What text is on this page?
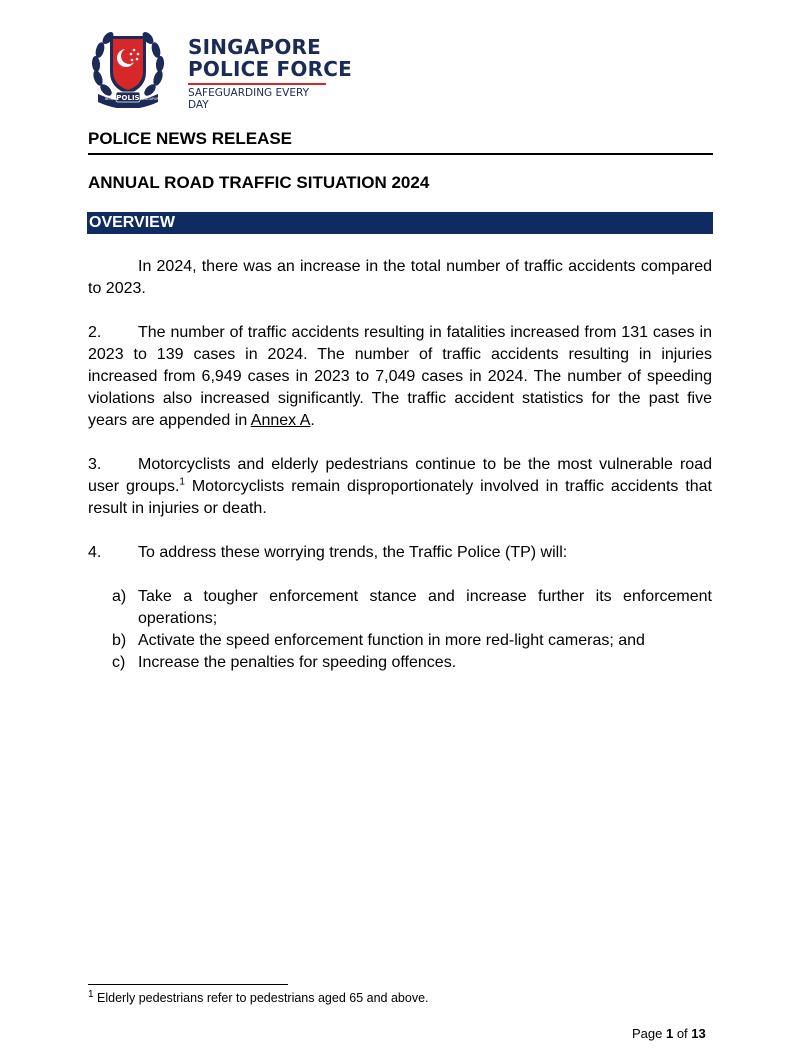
POLIS
NEGARA	SINGAPURA
SINGAPORE
POLICE FORCE
SAFEGUARDING EVERY DAY
POLICE NEWS RELEASE
ANNUAL ROAD TRAFFIC SITUATION 2024
OVERVIEW

In 2024, there was an increase in the total number of traffic accidents compared to 2023.

2. The number of traffic accidents resulting in fatalities increased from 131 cases in 2023 to 139 cases in 2024. The number of traffic accidents resulting in injuries increased from 6,949 cases in 2023 to 7,049 cases in 2024. The number of speeding violations also increased significantly. The traffic accident statistics for the past five years are appended in Annex A.

3. Motorcyclists and elderly pedestrians continue to be the most vulnerable road user groups.$^1$ Motorcyclists remain disproportionately involved in traffic accidents that result in injuries or death.

4. To address these worrying trends, the Traffic Police (TP) will:

a) Take a tougher enforcement stance and increase further its enforcement operations;
b) Activate the speed enforcement function in more red-light cameras; and
c) Increase the penalties for speeding offences.
$^1$ Elderly pedestrians refer to pedestrians aged 65 and above.
Page 1 of 13
